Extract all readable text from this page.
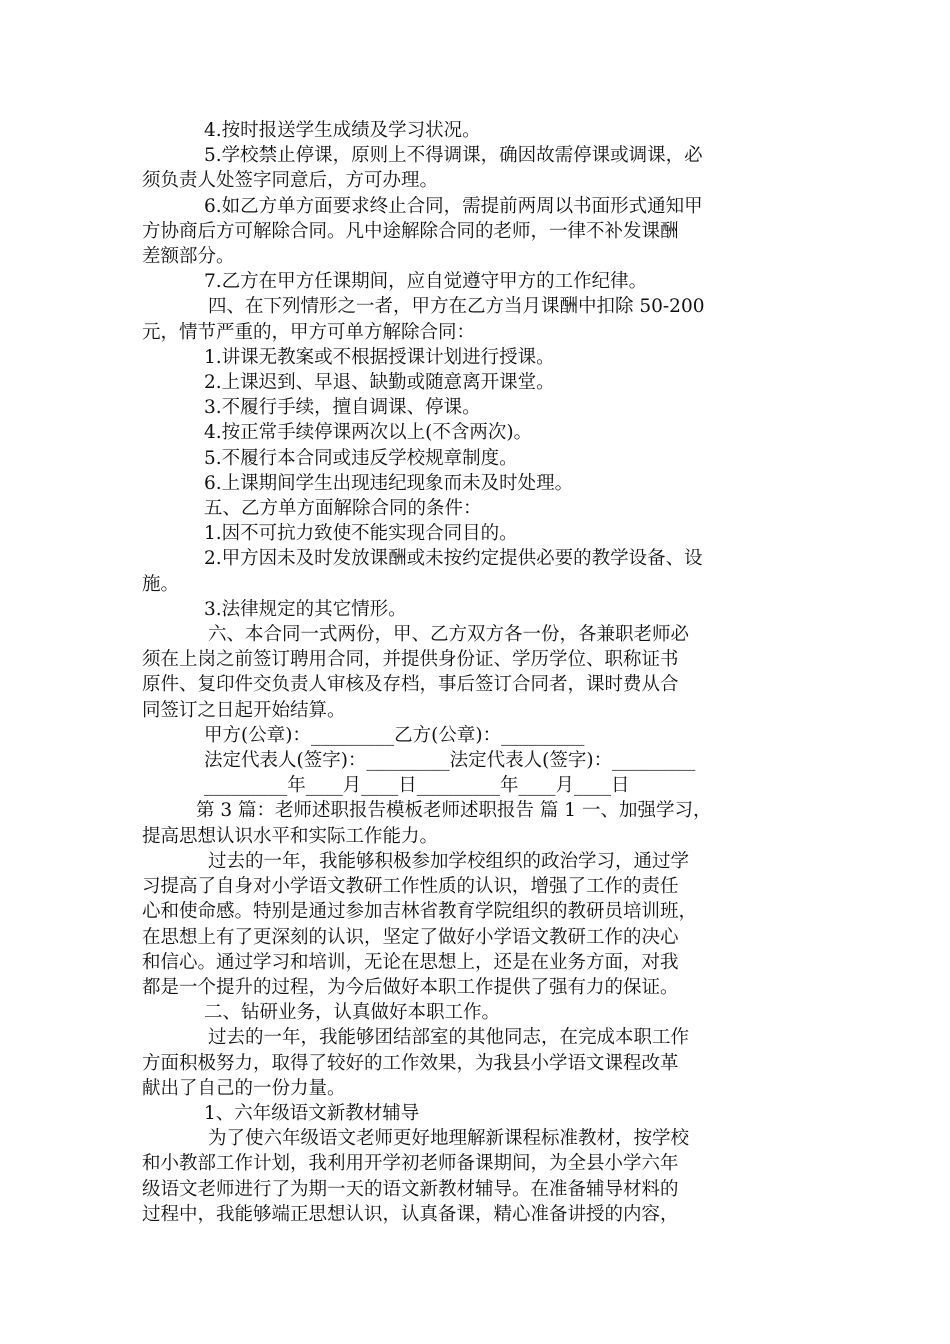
4.按时报送学生成绩及学习状况。

5.学校禁止停课，原则上不得调课，确因故需停课或调课，必

须负责人处签字同意后，方可办理。

6.如乙方单方面要求终止合同，需提前两周以书面形式通知甲

方协商后方可解除合同。凡中途解除合同的老师，一律不补发课酬

差额部分。

7.乙方在甲方任课期间，应自觉遵守甲方的工作纪律。

四、在下列情形之一者，甲方在乙方当月课酬中扣除 50-200

元，情节严重的，甲方可单方解除合同：

1.讲课无教案或不根据授课计划进行授课。

2.上课迟到、早退、缺勤或随意离开课堂。

3.不履行手续，擅自调课、停课。

4.按正常手续停课两次以上(不含两次)。

5.不履行本合同或违反学校规章制度。

6.上课期间学生出现违纪现象而未及时处理。

五、乙方单方面解除合同的条件：

1.因不可抗力致使不能实现合同目的。

2.甲方因未及时发放课酬或未按约定提供必要的教学设备、设

施。

3.法律规定的其它情形。

六、本合同一式两份，甲、乙方双方各一份，各兼职老师必

须在上岗之前签订聘用合同，并提供身份证、学历学位、职称证书

原件、复印件交负责人审核及存档，事后签订合同者，课时费从合

同签订之日起开始结算。

甲方(公章)：_________乙方(公章)：_________

法定代表人(签字)：_________法定代表人(签字)：_________

_________年____月____日_________年____月____日

第 3 篇：老师述职报告模板老师述职报告 篇 1 一、加强学习，

提高思想认识水平和实际工作能力。

过去的一年，我能够积极参加学校组织的政治学习，通过学

习提高了自身对小学语文教研工作性质的认识，增强了工作的责任

心和使命感。特别是通过参加吉林省教育学院组织的教研员培训班，

在思想上有了更深刻的认识，坚定了做好小学语文教研工作的决心

和信心。通过学习和培训，无论在思想上，还是在业务方面，对我

都是一个提升的过程，为今后做好本职工作提供了强有力的保证。

二、钻研业务，认真做好本职工作。

过去的一年，我能够团结部室的其他同志，在完成本职工作

方面积极努力，取得了较好的工作效果，为我县小学语文课程改革

献出了自己的一份力量。

1、六年级语文新教材辅导

为了使六年级语文老师更好地理解新课程标准教材，按学校

和小教部工作计划，我利用开学初老师备课期间，为全县小学六年

级语文老师进行了为期一天的语文新教材辅导。在准备辅导材料的

过程中，我能够端正思想认识，认真备课，精心准备讲授的内容，
